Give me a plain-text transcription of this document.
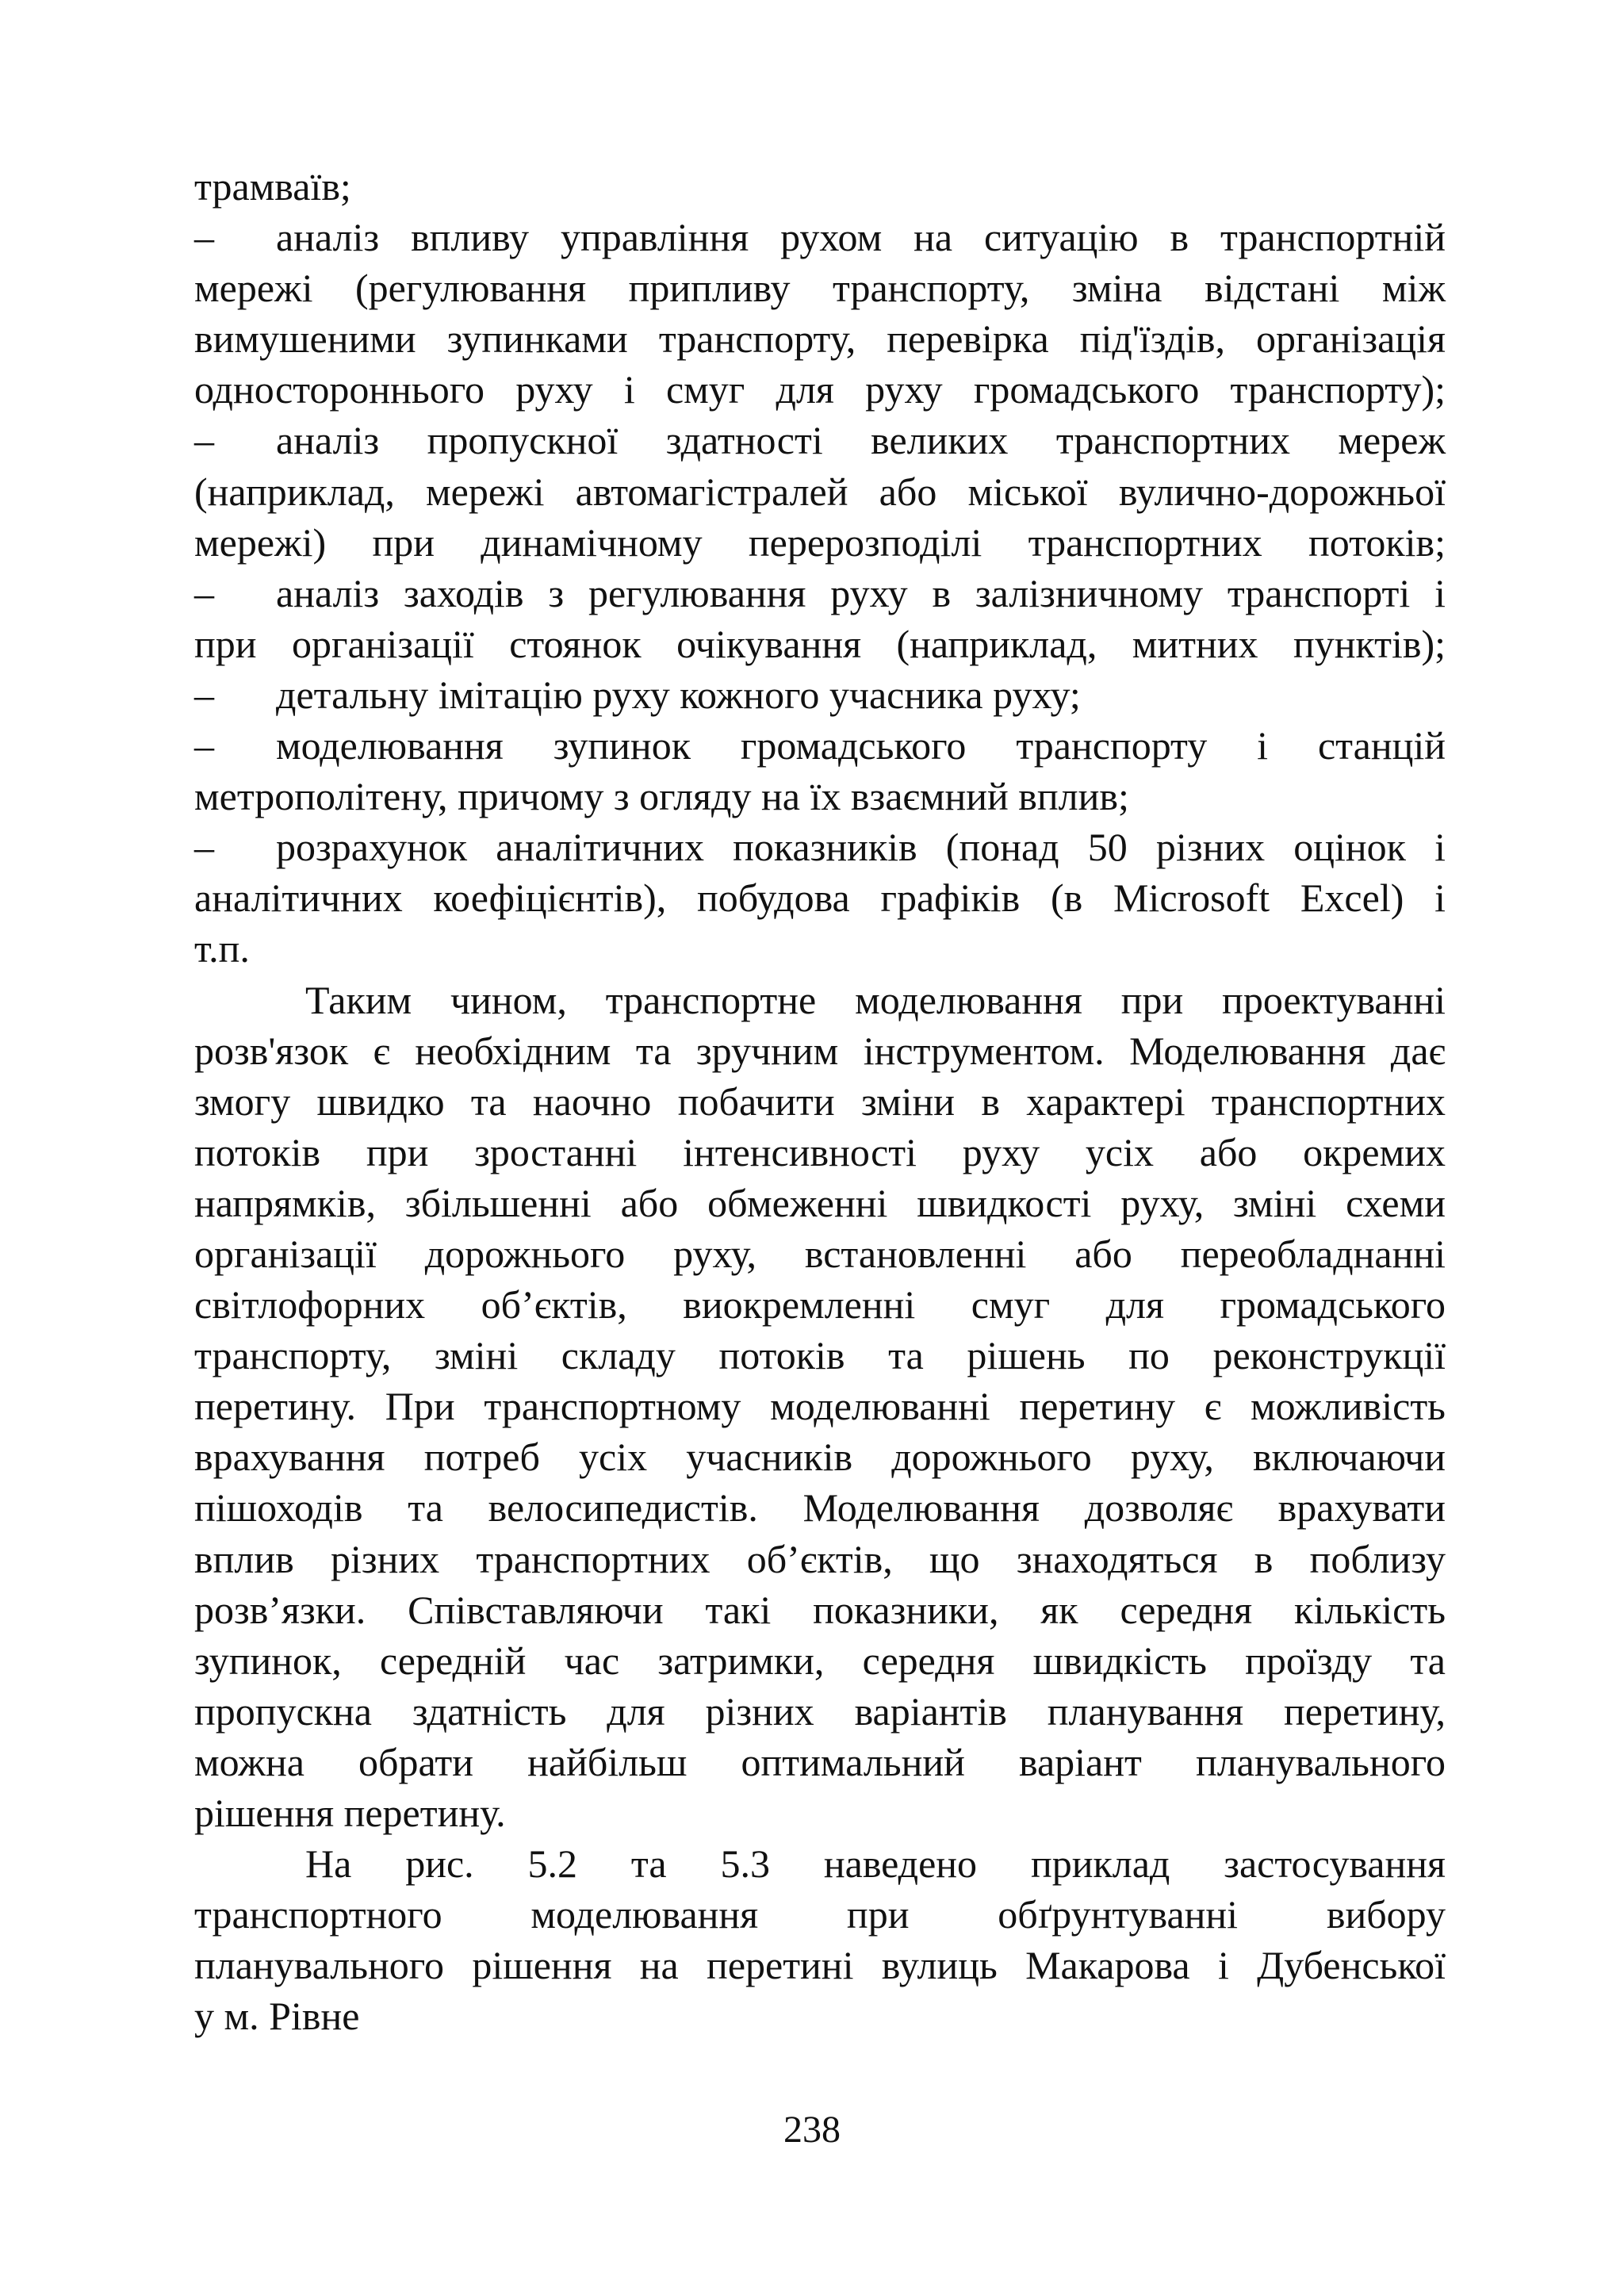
трамваїв;
–	аналіз впливу управління рухом на ситуацію в транспортній
мережі (регулювання припливу транспорту, зміна відстані між
вимушеними зупинками транспорту, перевірка під'їздів, організація
одностороннього руху і смуг для руху громадського транспорту);
–	аналіз пропускної здатності великих транспортних мереж
(наприклад, мережі автомагістралей або міської вулично-дорожньої
мережі) при динамічному перерозподілі транспортних потоків;
–	аналіз заходів з регулювання руху в залізничному транспорті і
при організації стоянок очікування (наприклад, митних пунктів);
–	детальну імітацію руху кожного учасника руху;
–	моделювання зупинок громадського транспорту і станцій
метрополітену, причому з огляду на їх взаємний вплив;
–	розрахунок аналітичних показників (понад 50 різних оцінок і
аналітичних коефіцієнтів), побудова графіків (в Microsoft Excel) і
т.п.
Таким чином, транспортне моделювання при проектуванні
розв'язок є необхідним та зручним інструментом. Моделювання дає
змогу швидко та наочно побачити зміни в характері транспортних
потоків при зростанні інтенсивності руху усіх або окремих
напрямків, збільшенні або обмеженні швидкості руху, зміні схеми
організації дорожнього руху, встановленні або переобладнанні
світлофорних об’єктів, виокремленні смуг для громадського
транспорту, зміні складу потоків та рішень по реконструкції
перетину. При транспортному моделюванні перетину є можливість
врахування потреб усіх учасників дорожнього руху, включаючи
пішоходів та велосипедистів. Моделювання дозволяє врахувати
вплив різних транспортних об’єктів, що знаходяться в поблизу
розв’язки. Співставляючи такі показники, як середня кількість
зупинок, середній час затримки, середня швидкість проїзду та
пропускна здатність для різних варіантів планування перетину,
можна обрати найбільш оптимальний варіант планувального
рішення перетину.
На рис. 5.2 та 5.3 наведено приклад застосування
транспортного моделювання при обґрунтуванні вибору
планувального рішення на перетині вулиць Макарова і Дубенської
у м. Рівне
238
